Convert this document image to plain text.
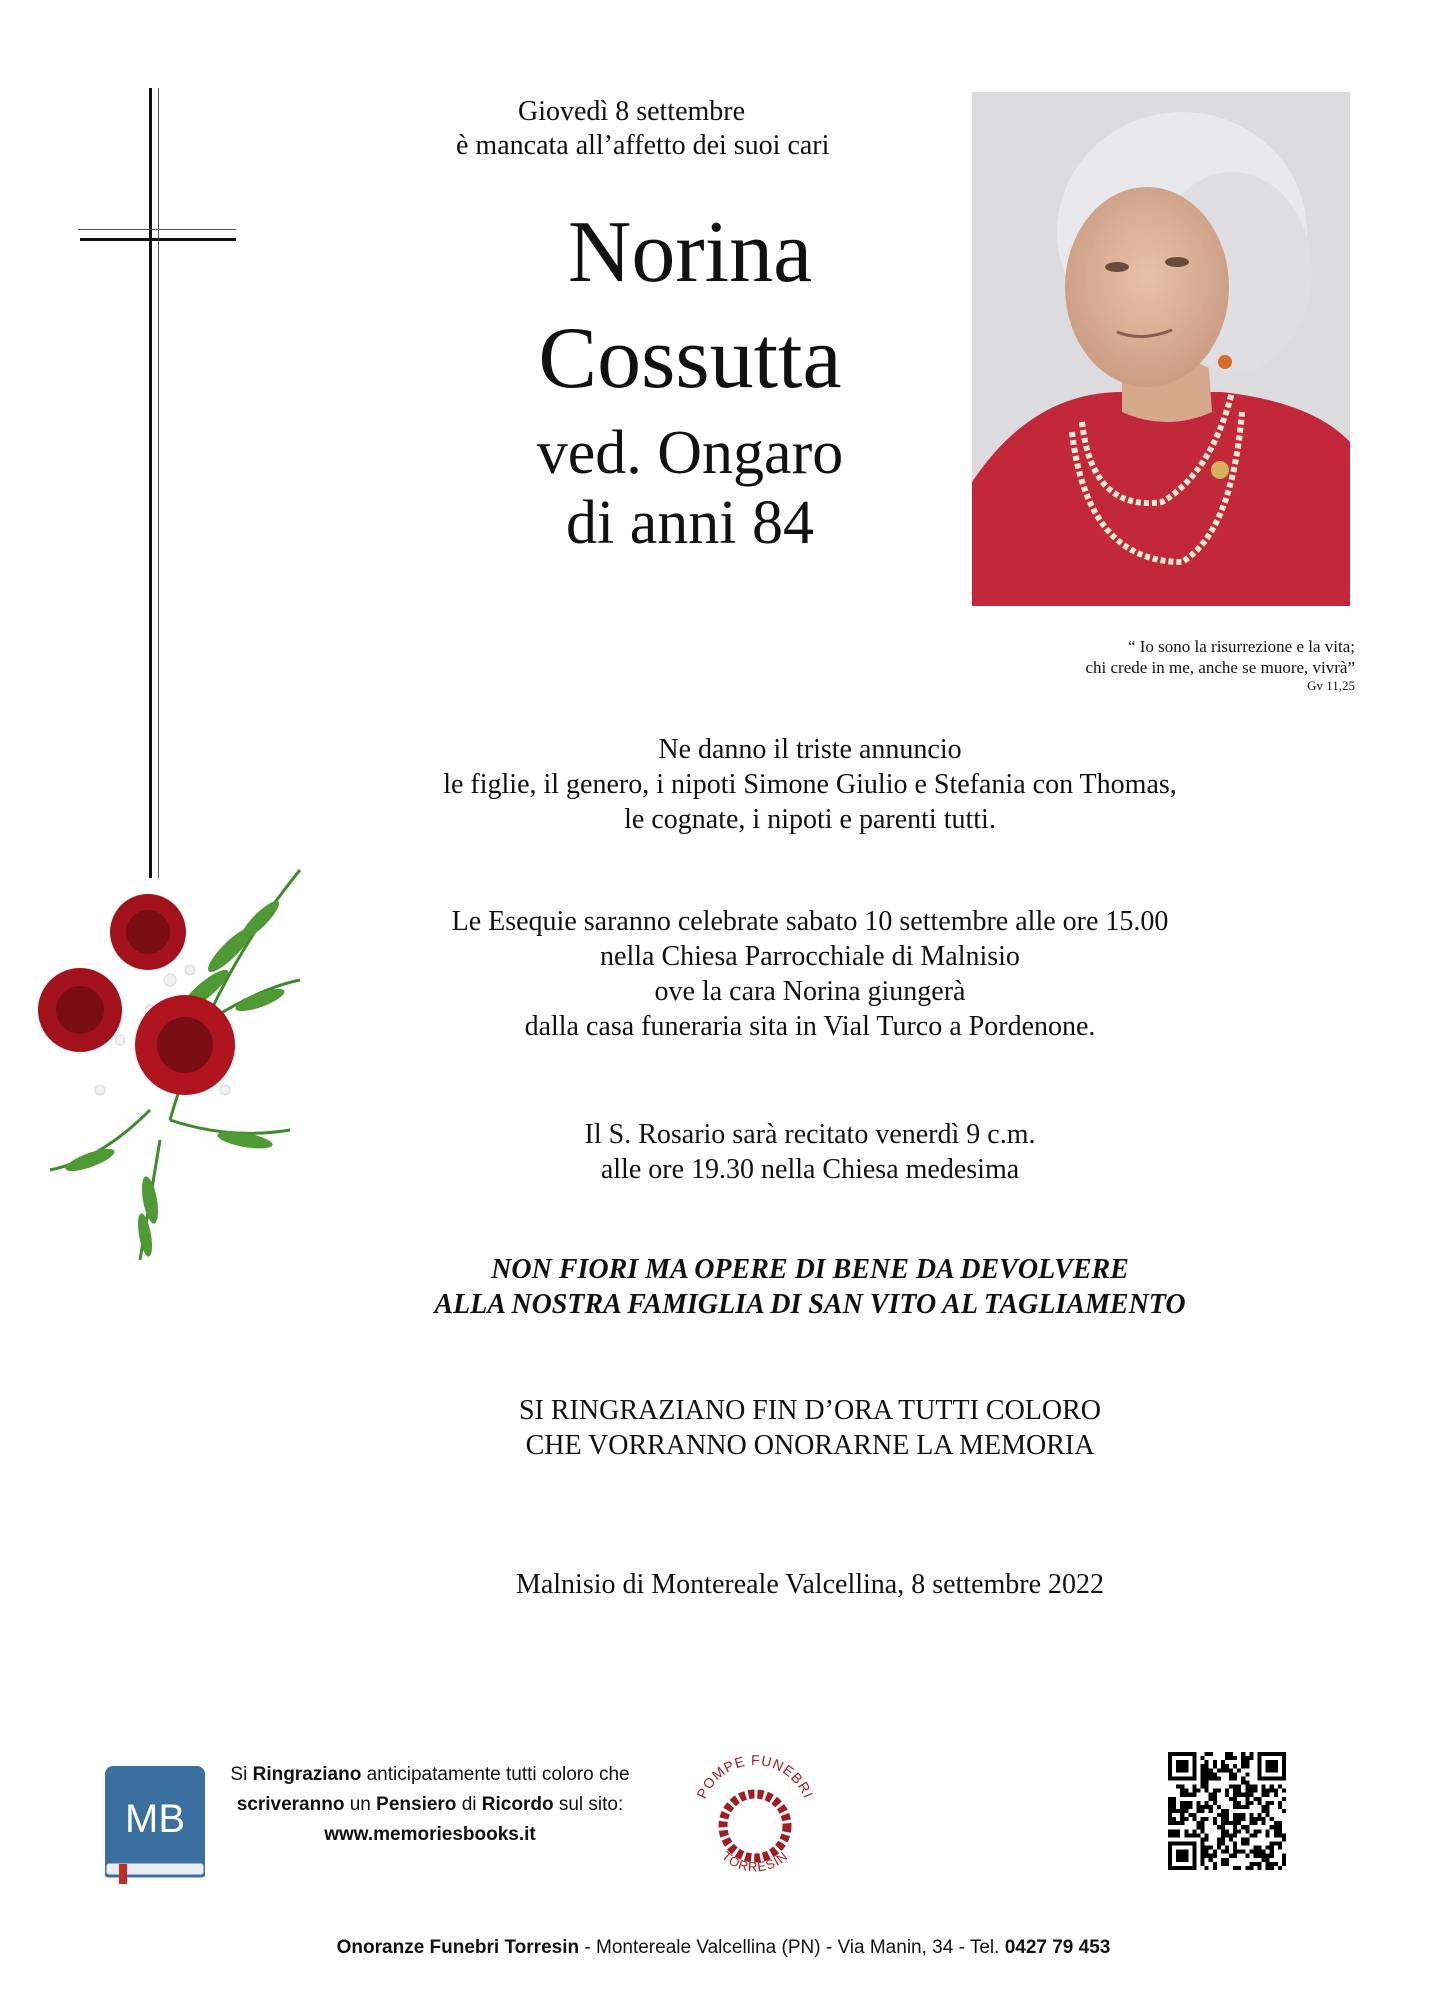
Giovedì 8 settembre
è mancata all’affetto dei suoi cari
Norina
Cossutta
ved. Ongaro
di anni 84
“ Io sono la risurrezione e la vita;
chi crede in me, anche se muore, vivrà”
Gv 11,25
Ne danno il triste annuncio
le figlie, il genero, i nipoti Simone Giulio e Stefania con Thomas,
le cognate, i nipoti e parenti tutti.
Le Esequie saranno celebrate sabato 10 settembre alle ore 15.00
nella Chiesa Parrocchiale di Malnisio
ove la cara Norina giungerà
dalla casa funeraria sita in Vial Turco a Pordenone.
Il S. Rosario sarà recitato venerdì 9 c.m.
alle ore 19.30 nella Chiesa medesima
NON FIORI MA OPERE DI BENE DA DEVOLVERE
ALLA NOSTRA FAMIGLIA DI SAN VITO AL TAGLIAMENTO
SI RINGRAZIANO FIN D’ORA TUTTI COLORO
CHE VORRANNO ONORARNE LA MEMORIA
Malnisio di Montereale Valcellina, 8 settembre 2022
MB
Si Ringraziano anticipatamente tutti coloro che
scriveranno un Pensiero di Ricordo sul sito:
www.memoriesbooks.it
POMPE FUNEBRI
TORRESIN
Onoranze Funebri Torresin - Montereale Valcellina (PN) - Via Manin, 34 - Tel. 0427 79 453
